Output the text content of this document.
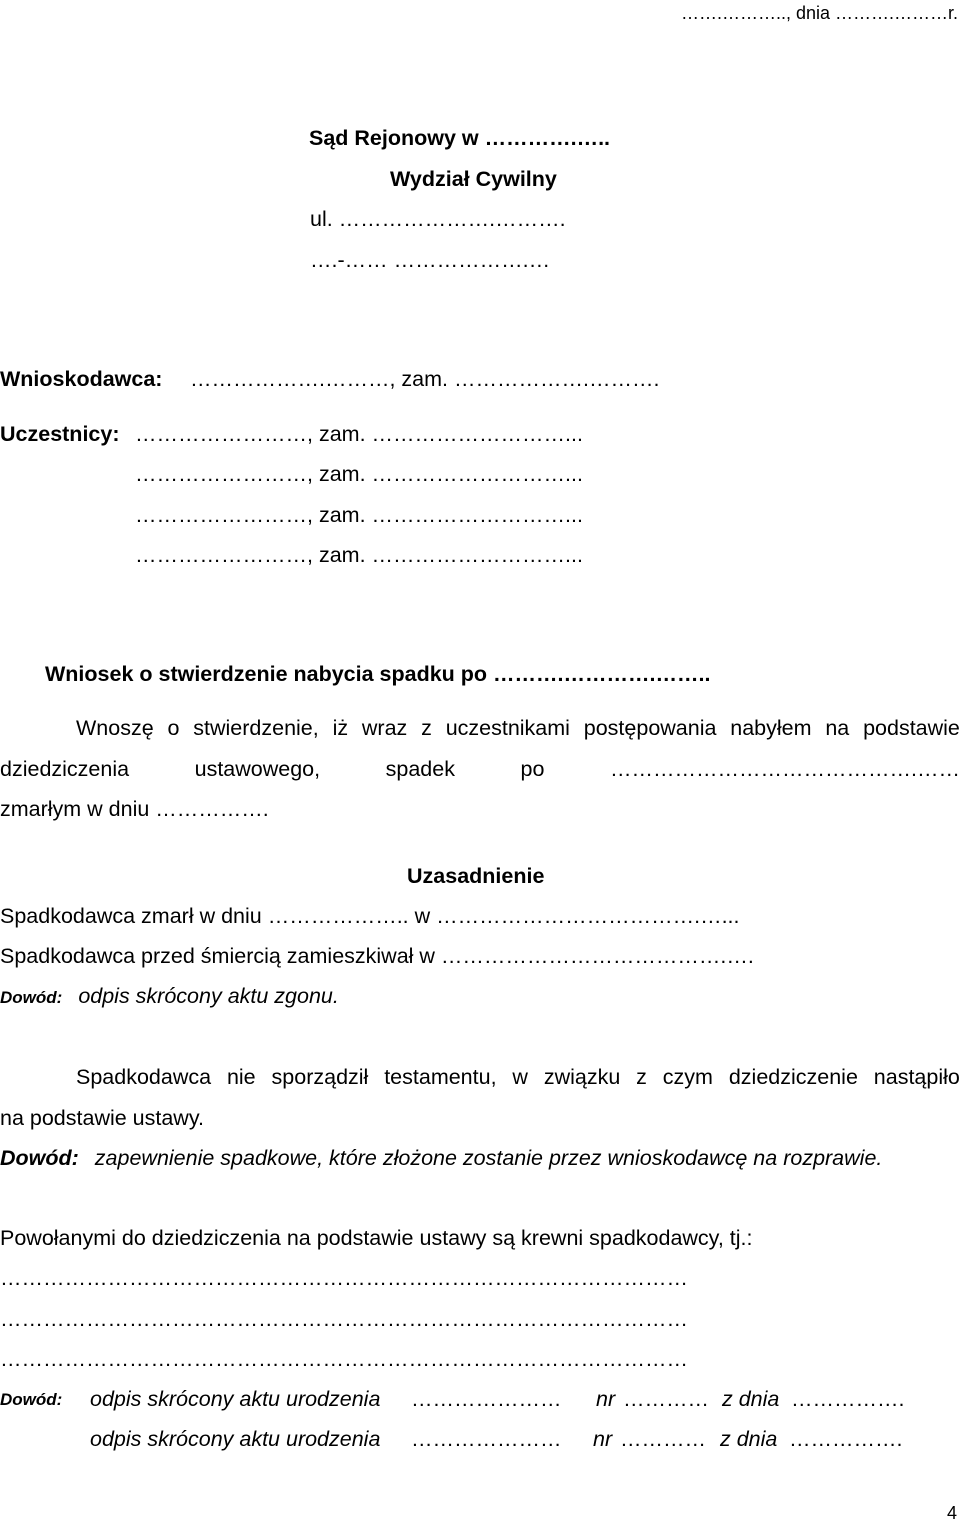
…….……….., dnia ……….………r.
Sąd Rejonowy w ………….…..
Wydział Cywilny
ul. ………………….……….
….-…… ……………….…
Wnioskodawca: ……………….………, zam. ……………….……….
Uczestnicy: ……………………, zam. ………………………...
……………………, zam. ………………………...
……………………, zam. ………………………...
……………………, zam. ………………………...
Wniosek o stwierdzenie nabycia spadku po ……….………….……..
Wnoszę o stwierdzenie, iż wraz z uczestnikami postępowania nabyłem na podstawie
dziedziczenia	ustawowego,	spadek	po	…………………………………….……
zmarłym w dniu …………….
Uzasadnienie
Spadkodawca zmarł w dniu ……………….. w ……………………………….…...
Spadkodawca przed śmiercią zamieszkiwał w ………………………………….….
Dowód: odpis skrócony aktu zgonu.
Spadkodawca nie sporządził testamentu, w związku z czym dziedziczenie nastąpiło
na podstawie ustawy.
Dowód: zapewnienie spadkowe, które złożone zostanie przez wnioskodawcę na rozprawie.
Powołanymi do dziedziczenia na podstawie ustawy są krewni spadkodawcy, tj.:
……………………………………………………………………………………
……………………………………………………………………………………
……………………………………………………………………………………
Dowód: odpis skrócony aktu urodzenia ………………… nr ………… z dnia …………….
odpis skrócony aktu urodzenia ………………… nr ………… z dnia …………….
4
